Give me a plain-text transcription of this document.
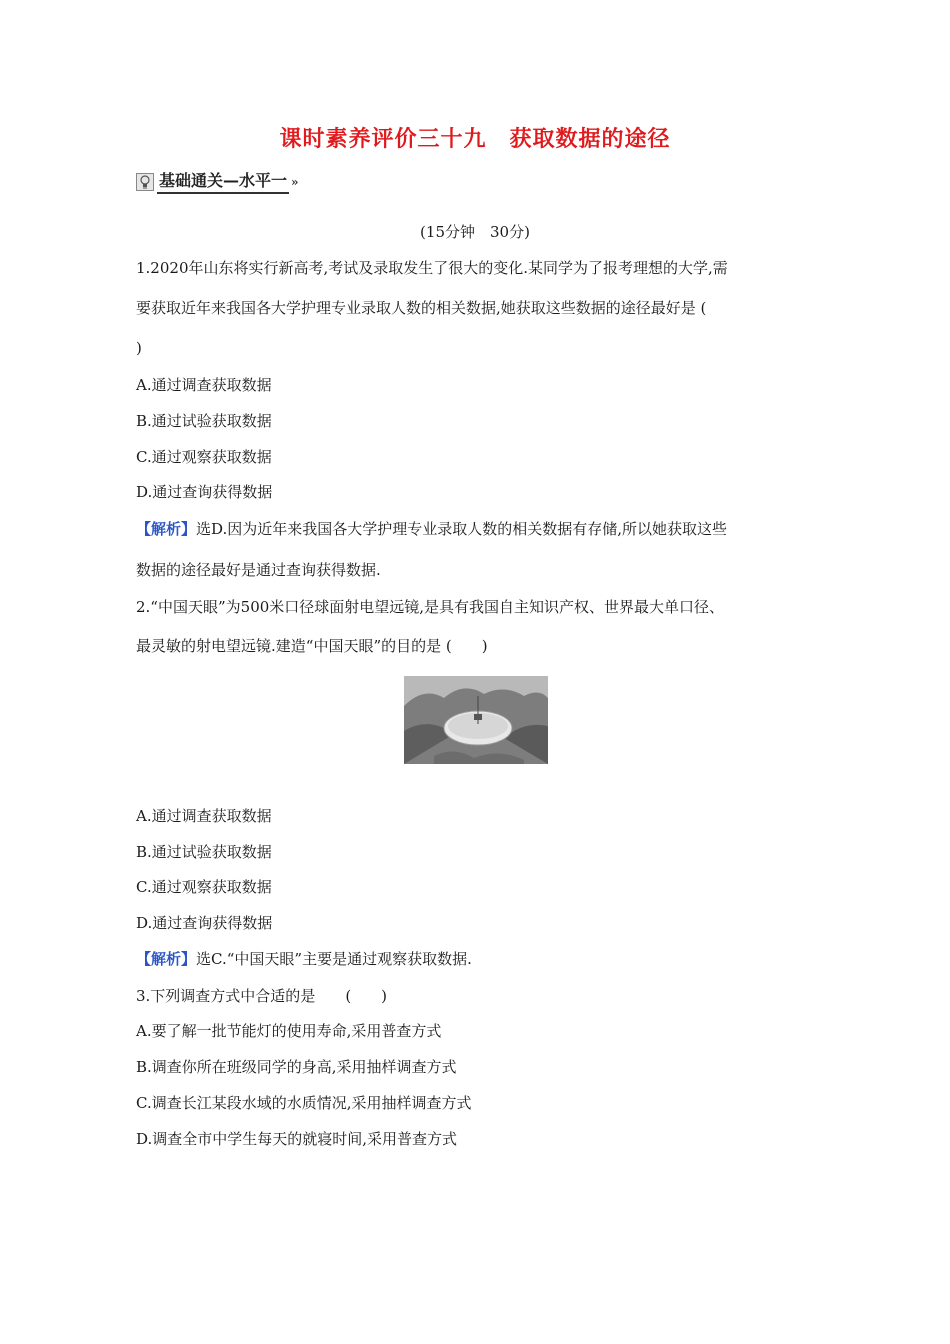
课时素养评价三十九　获取数据的途径
基础通关—水平一 »
(15分钟　30分)
1.2020年山东将实行新高考,考试及录取发生了很大的变化.某同学为了报考理想的大学,需
要获取近年来我国各大学护理专业录取人数的相关数据,她获取这些数据的途径最好是 (
)
A.通过调查获取数据
B.通过试验获取数据
C.通过观察获取数据
D.通过查询获得数据
【解析】选D.因为近年来我国各大学护理专业录取人数的相关数据有存储,所以她获取这些
数据的途径最好是通过查询获得数据.
2.“中国天眼”为500米口径球面射电望远镜,是具有我国自主知识产权、世界最大单口径、
最灵敏的射电望远镜.建造“中国天眼”的目的是 (　　)
A.通过调查获取数据
B.通过试验获取数据
C.通过观察获取数据
D.通过查询获得数据
【解析】选C.“中国天眼”主要是通过观察获取数据.
3.下列调查方式中合适的是　　(　　)
A.要了解一批节能灯的使用寿命,采用普查方式
B.调查你所在班级同学的身高,采用抽样调查方式
C.调查长江某段水域的水质情况,采用抽样调查方式
D.调查全市中学生每天的就寝时间,采用普查方式
